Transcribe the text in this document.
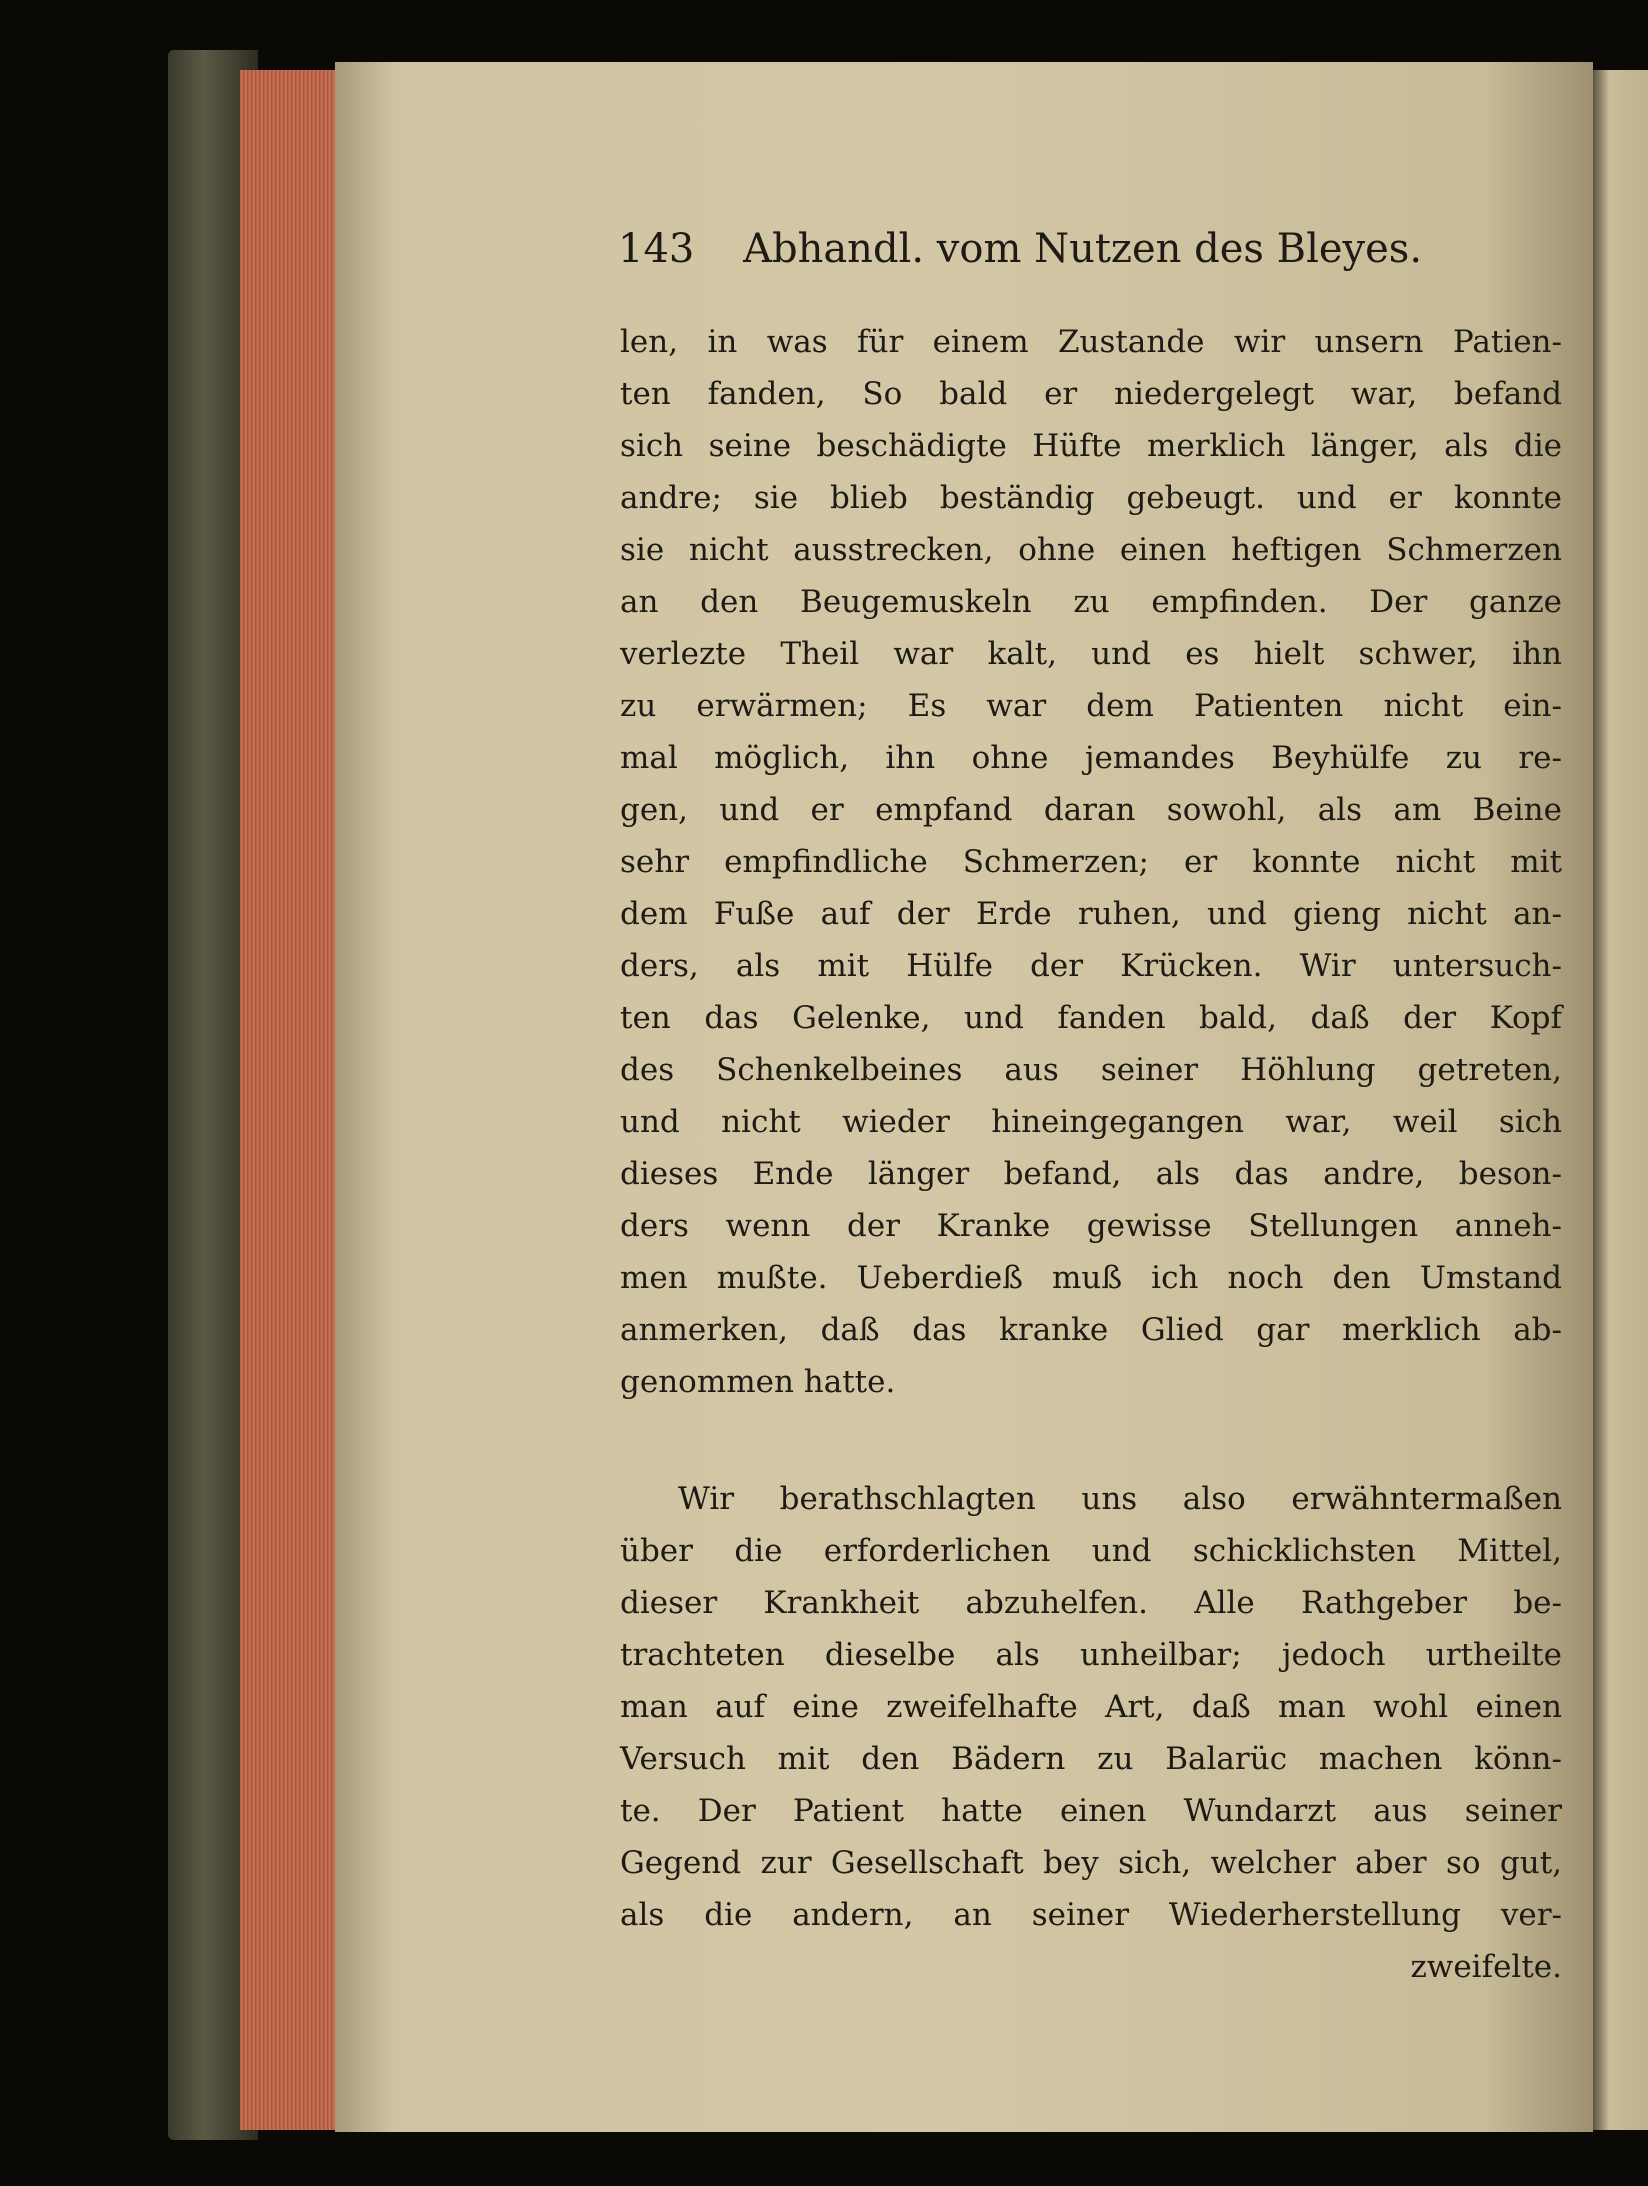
143 Abhandl. vom Nutzen des Bleyes.
len, in was für einem Zustande wir unsern Patien-
ten fanden, So bald er niedergelegt war, befand
sich seine beschädigte Hüfte merklich länger, als die
andre; sie blieb beständig gebeugt. und er konnte
sie nicht ausstrecken, ohne einen heftigen Schmerzen
an den Beugemuskeln zu empfinden. Der ganze
verlezte Theil war kalt, und es hielt schwer, ihn
zu erwärmen; Es war dem Patienten nicht ein-
mal möglich, ihn ohne jemandes Beyhülfe zu re-
gen, und er empfand daran sowohl, als am Beine
sehr empfindliche Schmerzen; er konnte nicht mit
dem Fuße auf der Erde ruhen, und gieng nicht an-
ders, als mit Hülfe der Krücken. Wir untersuch-
ten das Gelenke, und fanden bald, daß der Kopf
des Schenkelbeines aus seiner Höhlung getreten,
und nicht wieder hineingegangen war, weil sich
dieses Ende länger befand, als das andre, beson-
ders wenn der Kranke gewisse Stellungen anneh-
men mußte. Ueberdieß muß ich noch den Umstand
anmerken, daß das kranke Glied gar merklich ab-
genommen hatte.
Wir berathschlagten uns also erwähntermaßen
über die erforderlichen und schicklichsten Mittel,
dieser Krankheit abzuhelfen. Alle Rathgeber be-
trachteten dieselbe als unheilbar; jedoch urtheilte
man auf eine zweifelhafte Art, daß man wohl einen
Versuch mit den Bädern zu Balarüc machen könn-
te. Der Patient hatte einen Wundarzt aus seiner
Gegend zur Gesellschaft bey sich, welcher aber so gut,
als die andern, an seiner Wiederherstellung ver-
zweifelte.
